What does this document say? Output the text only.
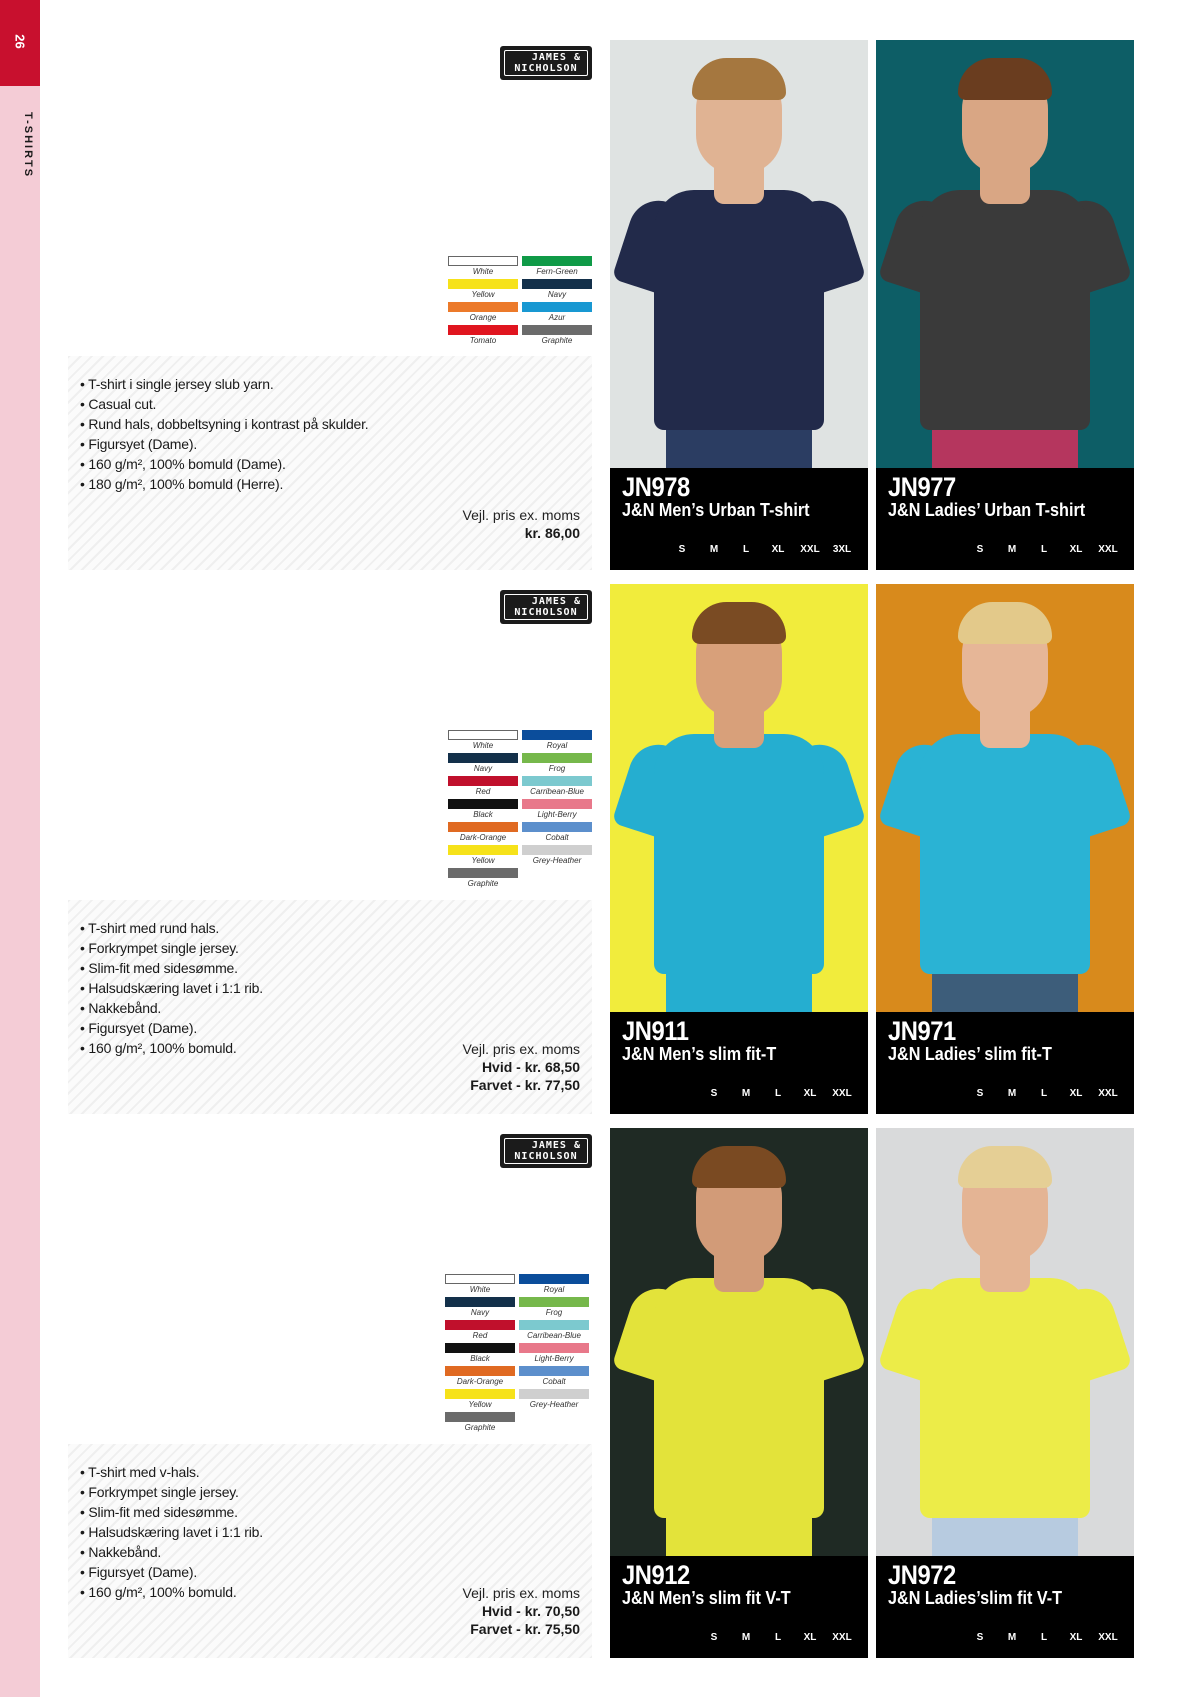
26
T-SHIRTS
JAMES &
NICHOLSON
White	Fern-Green
Yellow	Navy
Orange	Azur
Tomato	Graphite
• T-shirt i single jersey slub yarn.
• Casual cut.
• Rund hals, dobbeltsyning i kontrast på skulder.
• Figursyet (Dame).
• 160 g/m², 100% bomuld (Dame).
• 180 g/m², 100% bomuld (Herre).
Vejl. pris ex. moms
kr. 86,00
JN978
J&N Men’s Urban T-shirt
S	M	L	XL	XXL	3XL
JN977
J&N Ladies’ Urban T-shirt
S	M	L	XL	XXL
JAMES &
NICHOLSON
White	Royal
Navy	Frog
Red	Carribean-Blue
Black	Light-Berry
Dark-Orange	Cobalt
Yellow	Grey-Heather
Graphite
• T-shirt med rund hals.
• Forkrympet single jersey.
• Slim-fit med sidesømme.
• Halsudskæring lavet i 1:1 rib.
• Nakkebånd.
• Figursyet (Dame).
• 160 g/m², 100% bomuld.	Vejl. pris ex. moms
Hvid - kr. 68,50
Farvet - kr. 77,50
JN911
J&N Men’s slim fit-T
S	M	L	XL	XXL
JN971
J&N Ladies’ slim fit-T
S	M	L	XL	XXL
JAMES &
NICHOLSON
White	Royal
Navy	Frog
Red	Carribean-Blue
Black	Light-Berry
Dark-Orange	Cobalt
Yellow	Grey-Heather
Graphite
• T-shirt med v-hals.
• Forkrympet single jersey.
• Slim-fit med sidesømme.
• Halsudskæring lavet i 1:1 rib.
• Nakkebånd.
• Figursyet (Dame).
• 160 g/m², 100% bomuld.	Vejl. pris ex. moms
Hvid - kr. 70,50
Farvet - kr. 75,50
JN912
J&N Men’s slim fit V-T
S	M	L	XL	XXL
JN972
J&N Ladies’slim fit V-T
S	M	L	XL	XXL
